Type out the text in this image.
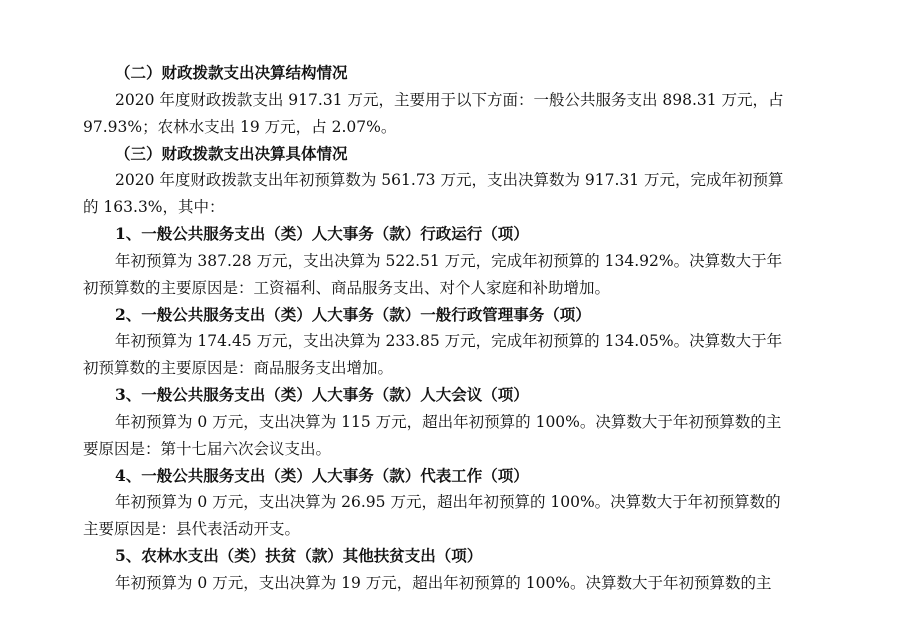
（二）财政拨款支出决算结构情况
2020 年度财政拨款支出 917.31 万元，主要用于以下方面：一般公共服务支出 898.31 万元，占
97.93%；农林水支出 19 万元，占 2.07%。
（三）财政拨款支出决算具体情况
2020 年度财政拨款支出年初预算数为 561.73 万元，支出决算数为 917.31 万元，完成年初预算
的 163.3%，其中：
1、一般公共服务支出（类）人大事务（款）行政运行（项）
年初预算为 387.28 万元，支出决算为 522.51 万元，完成年初预算的 134.92%。决算数大于年
初预算数的主要原因是：工资福利、商品服务支出、对个人家庭和补助增加。
2、一般公共服务支出（类）人大事务（款）一般行政管理事务（项）
年初预算为 174.45 万元，支出决算为 233.85 万元，完成年初预算的 134.05%。决算数大于年
初预算数的主要原因是：商品服务支出增加。
3、一般公共服务支出（类）人大事务（款）人大会议（项）
年初预算为 0 万元，支出决算为 115 万元，超出年初预算的 100%。决算数大于年初预算数的主
要原因是：第十七届六次会议支出。
4、一般公共服务支出（类）人大事务（款）代表工作（项）
年初预算为 0 万元，支出决算为 26.95 万元，超出年初预算的 100%。决算数大于年初预算数的
主要原因是：县代表活动开支。
5、农林水支出（类）扶贫（款）其他扶贫支出（项）
年初预算为 0 万元，支出决算为 19 万元，超出年初预算的 100%。决算数大于年初预算数的主
